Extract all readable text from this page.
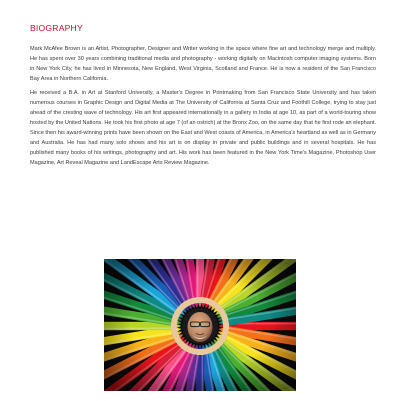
BIOGRAPHY

Mark McAfee Brown is an Artist, Photographer, Designer and Writer working in the space where fine art and technology merge and multiply. He has spent over 30 years combining traditional media and photography - working digitally on Macintosh computer imaging systems. Born in New York City, he has lived in Minnesota, New England, West Virginia, Scotland and France. He is now a resident of the San Francisco Bay Area in Northern California.

He received a B.A. in Art at Stanford University, a Master's Degree in Printmaking from San Francisco State University and has taken numerous courses in Graphic Design and Digital Media at The University of California at Santa Cruz and Foothill College, trying to stay just ahead of the cresting wave of technology. His art first appeared internationally in a gallery in India at age 10, as part of a world-touring show hosted by the United Nations. He took his first photo at age 7 (of an ostrich) at the Bronx Zoo, on the same day that he first rode an elephant. Since then his award-winning prints have been shown on the East and West coasts of America, in America's heartland as well as in Germany and Australia. He has had many solo shows and his art is on display in private and public buildings and in several hospitals. He has published many books of his writings, photography and art. His work has been featured in the New York Time's Magazine, Photoshop User Magazine, Art Reveal Magazine and LandEscape Arts Review Magazine.
